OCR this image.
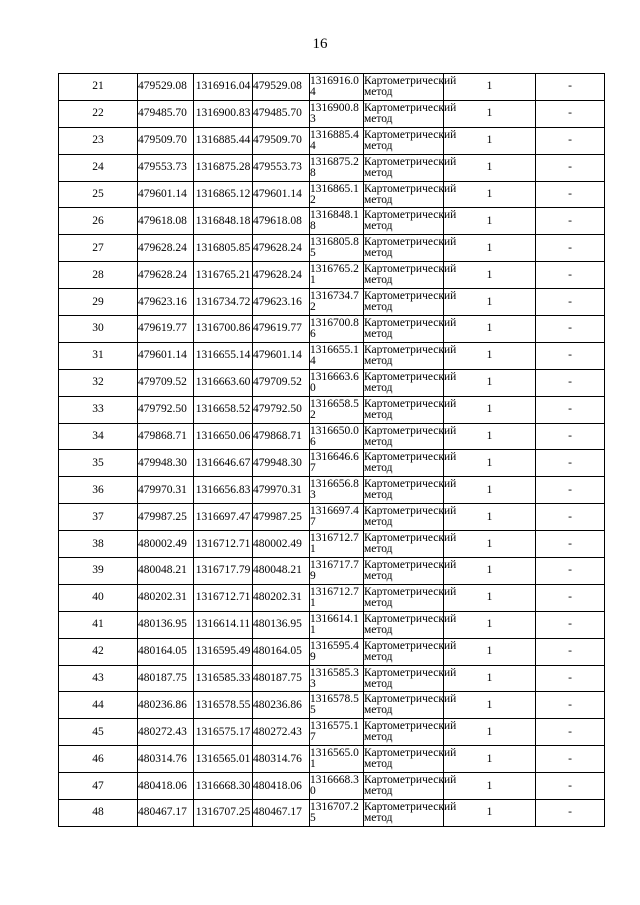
16
21	479529.08	1316916.04	479529.08	1316916.04	Картометрический метод	1	-
22	479485.70	1316900.83	479485.70	1316900.83	Картометрический метод	1	-
23	479509.70	1316885.44	479509.70	1316885.44	Картометрический метод	1	-
24	479553.73	1316875.28	479553.73	1316875.28	Картометрический метод	1	-
25	479601.14	1316865.12	479601.14	1316865.12	Картометрический метод	1	-
26	479618.08	1316848.18	479618.08	1316848.18	Картометрический метод	1	-
27	479628.24	1316805.85	479628.24	1316805.85	Картометрический метод	1	-
28	479628.24	1316765.21	479628.24	1316765.21	Картометрический метод	1	-
29	479623.16	1316734.72	479623.16	1316734.72	Картометрический метод	1	-
30	479619.77	1316700.86	479619.77	1316700.86	Картометрический метод	1	-
31	479601.14	1316655.14	479601.14	1316655.14	Картометрический метод	1	-
32	479709.52	1316663.60	479709.52	1316663.60	Картометрический метод	1	-
33	479792.50	1316658.52	479792.50	1316658.52	Картометрический метод	1	-
34	479868.71	1316650.06	479868.71	1316650.06	Картометрический метод	1	-
35	479948.30	1316646.67	479948.30	1316646.67	Картометрический метод	1	-
36	479970.31	1316656.83	479970.31	1316656.83	Картометрический метод	1	-
37	479987.25	1316697.47	479987.25	1316697.47	Картометрический метод	1	-
38	480002.49	1316712.71	480002.49	1316712.71	Картометрический метод	1	-
39	480048.21	1316717.79	480048.21	1316717.79	Картометрический метод	1	-
40	480202.31	1316712.71	480202.31	1316712.71	Картометрический метод	1	-
41	480136.95	1316614.11	480136.95	1316614.11	Картометрический метод	1	-
42	480164.05	1316595.49	480164.05	1316595.49	Картометрический метод	1	-
43	480187.75	1316585.33	480187.75	1316585.33	Картометрический метод	1	-
44	480236.86	1316578.55	480236.86	1316578.55	Картометрический метод	1	-
45	480272.43	1316575.17	480272.43	1316575.17	Картометрический метод	1	-
46	480314.76	1316565.01	480314.76	1316565.01	Картометрический метод	1	-
47	480418.06	1316668.30	480418.06	1316668.30	Картометрический метод	1	-
48	480467.17	1316707.25	480467.17	1316707.25	Картометрический метод	1	-
